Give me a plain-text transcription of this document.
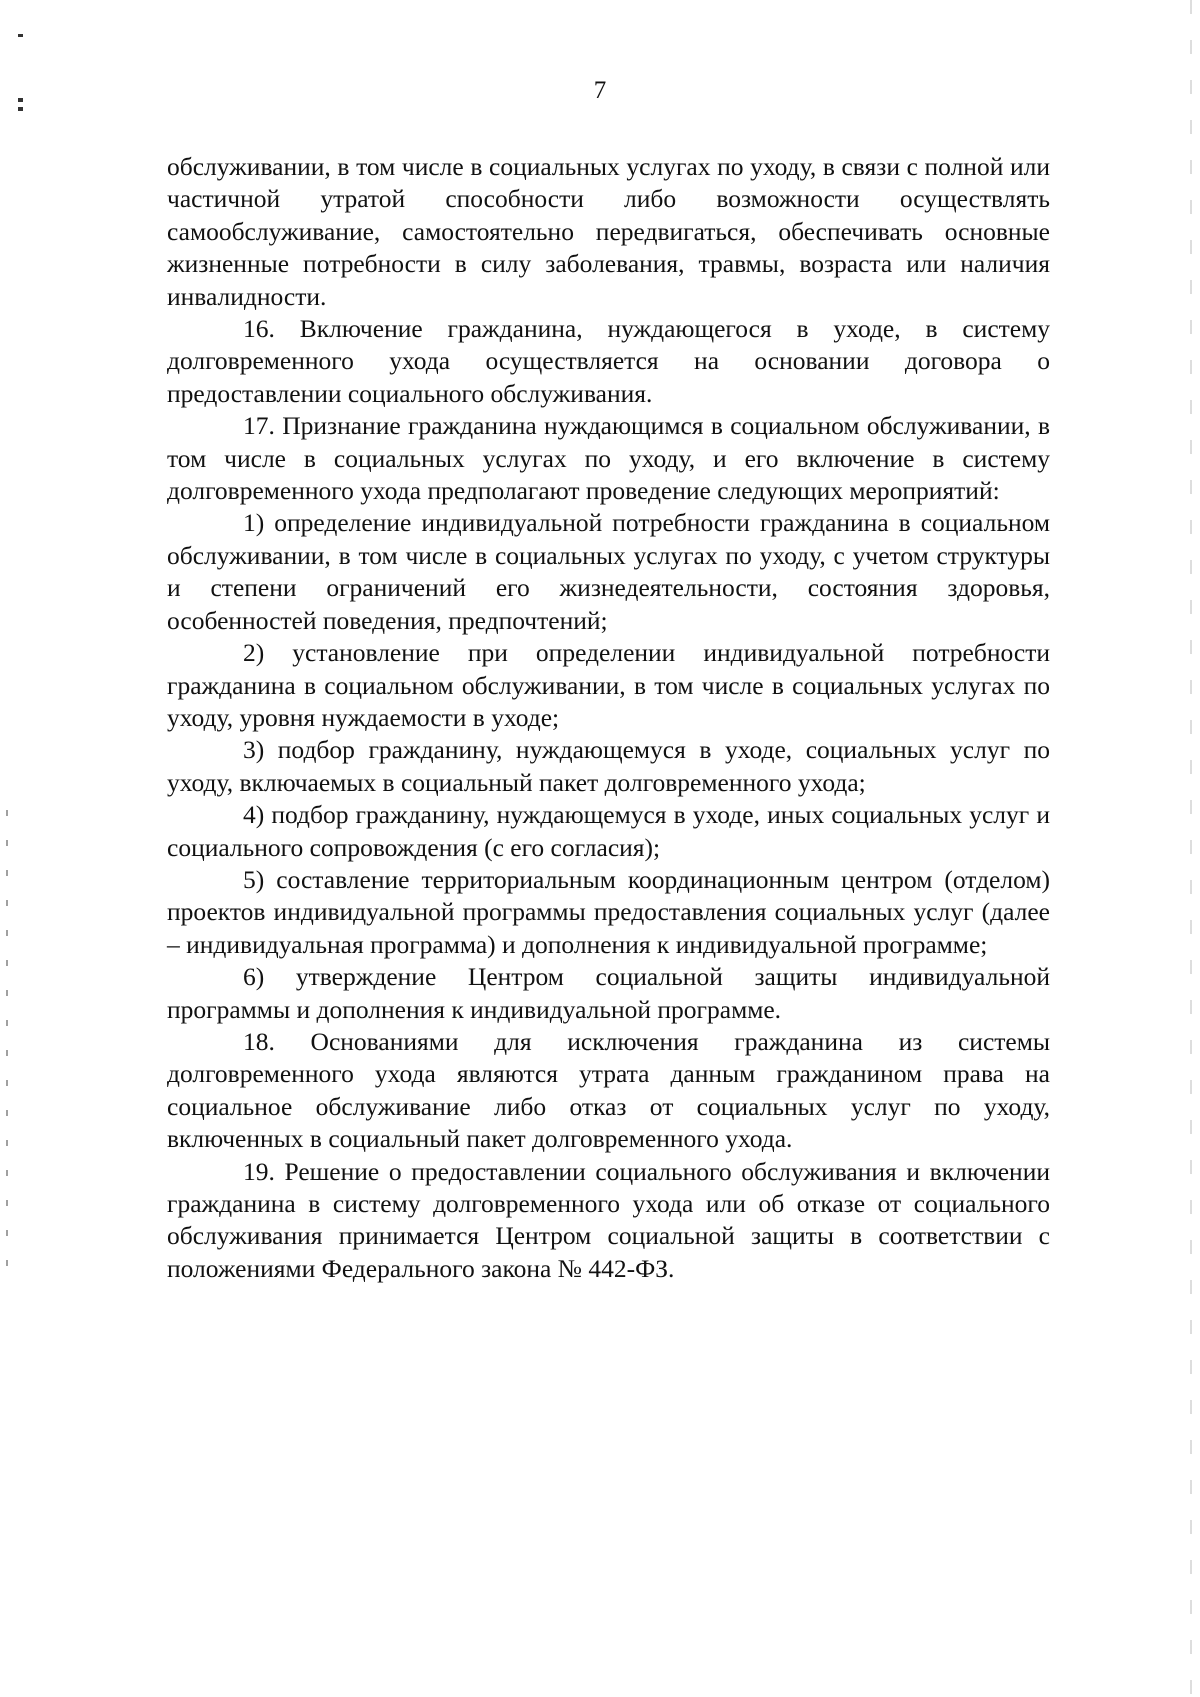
7

обслуживании, в том числе в социальных услугах по уходу, в связи с полной или частичной утратой способности либо возможности осуществлять самообслуживание, самостоятельно передвигаться, обеспечивать основные жизненные потребности в силу заболевания, травмы, возраста или наличия инвалидности.

16. Включение гражданина, нуждающегося в уходе, в систему долговременного ухода осуществляется на основании договора о предоставлении социального обслуживания.

17. Признание гражданина нуждающимся в социальном обслуживании, в том числе в социальных услугах по уходу, и его включение в систему долговременного ухода предполагают проведение следующих мероприятий:

1) определение индивидуальной потребности гражданина в социальном обслуживании, в том числе в социальных услугах по уходу, с учетом структуры и степени ограничений его жизнедеятельности, состояния здоровья, особенностей поведения, предпочтений;

2) установление при определении индивидуальной потребности гражданина в социальном обслуживании, в том числе в социальных услугах по уходу, уровня нуждаемости в уходе;

3) подбор гражданину, нуждающемуся в уходе, социальных услуг по уходу, включаемых в социальный пакет долговременного ухода;

4) подбор гражданину, нуждающемуся в уходе, иных социальных услуг и социального сопровождения (с его согласия);

5) составление территориальным координационным центром (отделом) проектов индивидуальной программы предоставления социальных услуг (далее – индивидуальная программа) и дополнения к индивидуальной программе;

6) утверждение Центром социальной защиты индивидуальной программы и дополнения к индивидуальной программе.

18. Основаниями для исключения гражданина из системы долговременного ухода являются утрата данным гражданином права на социальное обслуживание либо отказ от социальных услуг по уходу, включенных в социальный пакет долговременного ухода.

19. Решение о предоставлении социального обслуживания и включении гражданина в систему долговременного ухода или об отказе от социального обслуживания принимается Центром социальной защиты в соответствии с положениями Федерального закона № 442-ФЗ.
